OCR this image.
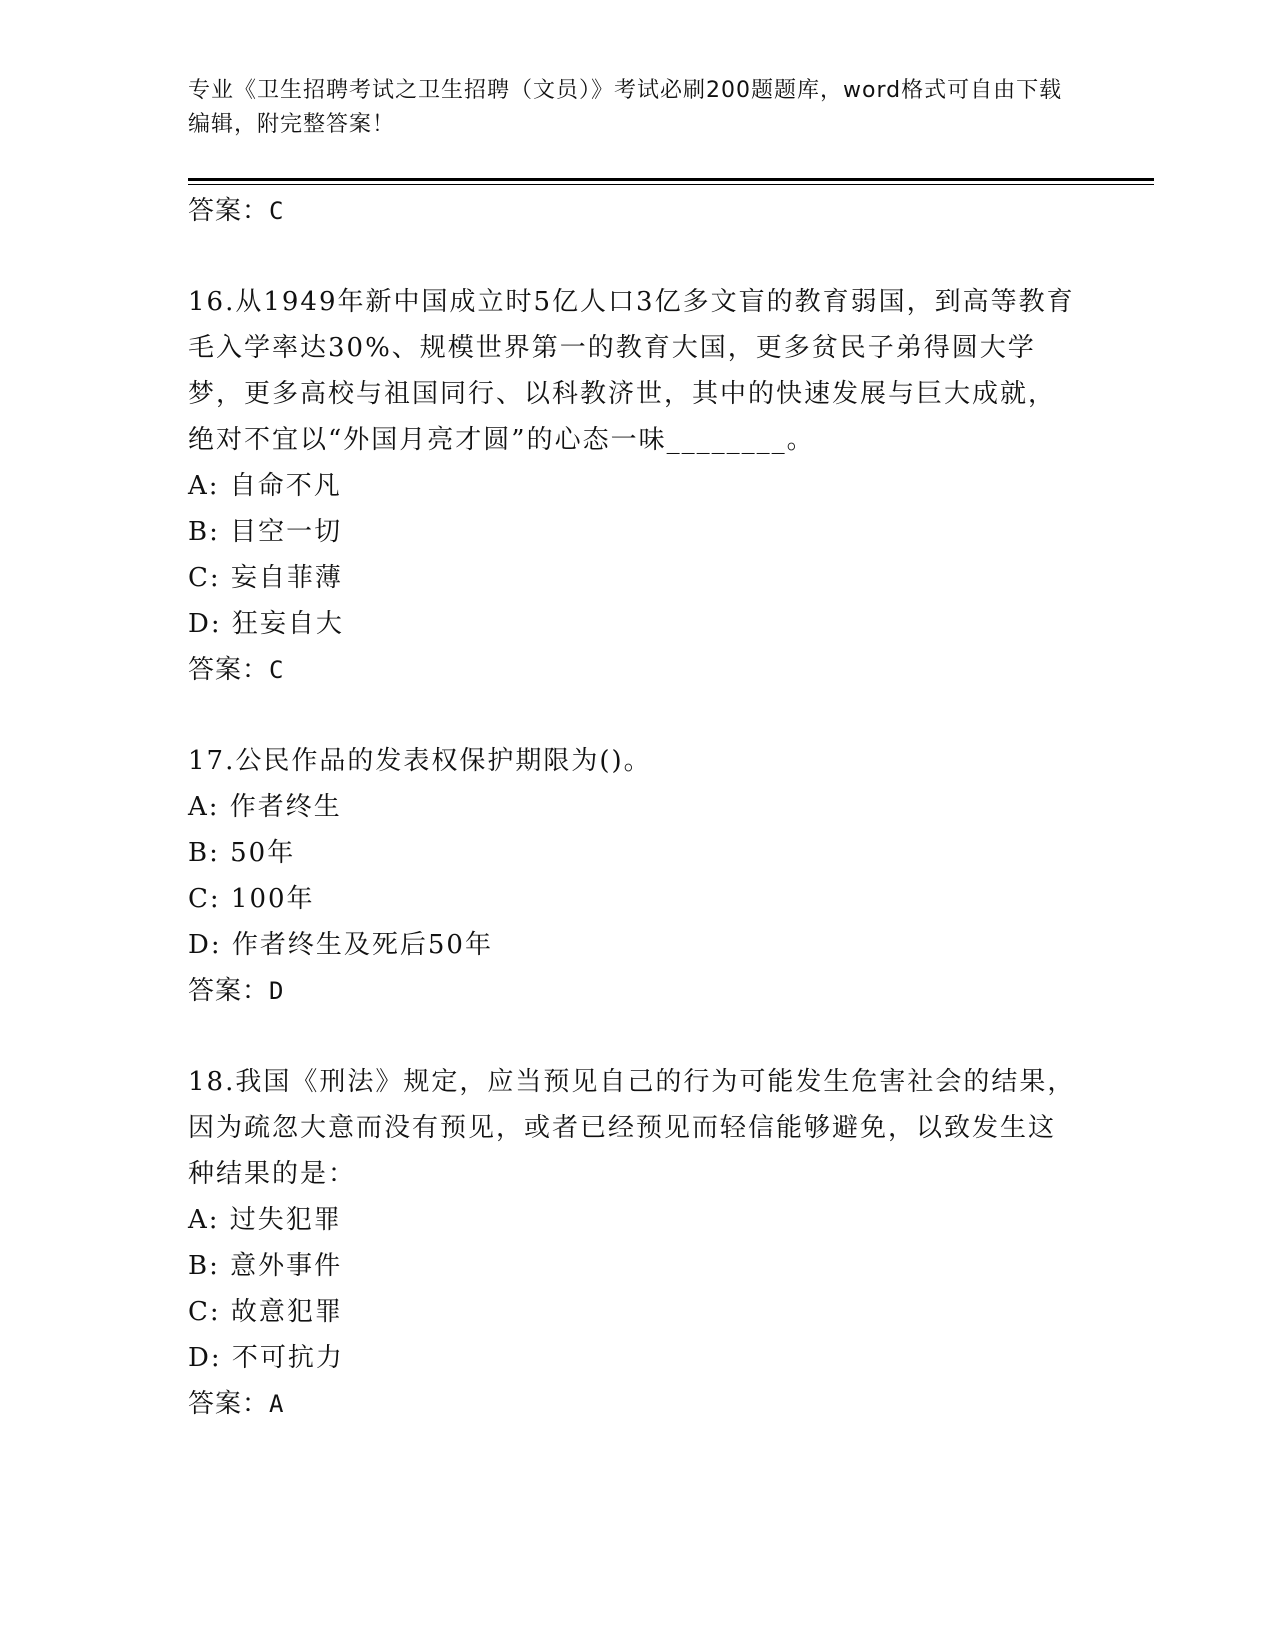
专业《卫生招聘考试之卫生招聘（文员）》考试必刷200题题库，word格式可自由下载编辑，附完整答案！
答案：C
16.从1949年新中国成立时5亿人口3亿多文盲的教育弱国，到高等教育毛入学率达30%、规模世界第一的教育大国，更多贫民子弟得圆大学梦，更多高校与祖国同行、以科教济世，其中的快速发展与巨大成就，绝对不宜以“外国月亮才圆”的心态一味________。
A: 自命不凡
B: 目空一切
C: 妄自菲薄
D: 狂妄自大
答案：C
17.公民作品的发表权保护期限为()。
A: 作者终生
B: 50年
C: 100年
D: 作者终生及死后50年
答案：D
18.我国《刑法》规定，应当预见自己的行为可能发生危害社会的结果，因为疏忽大意而没有预见，或者已经预见而轻信能够避免，以致发生这种结果的是：
A: 过失犯罪
B: 意外事件
C: 故意犯罪
D: 不可抗力
答案：A
